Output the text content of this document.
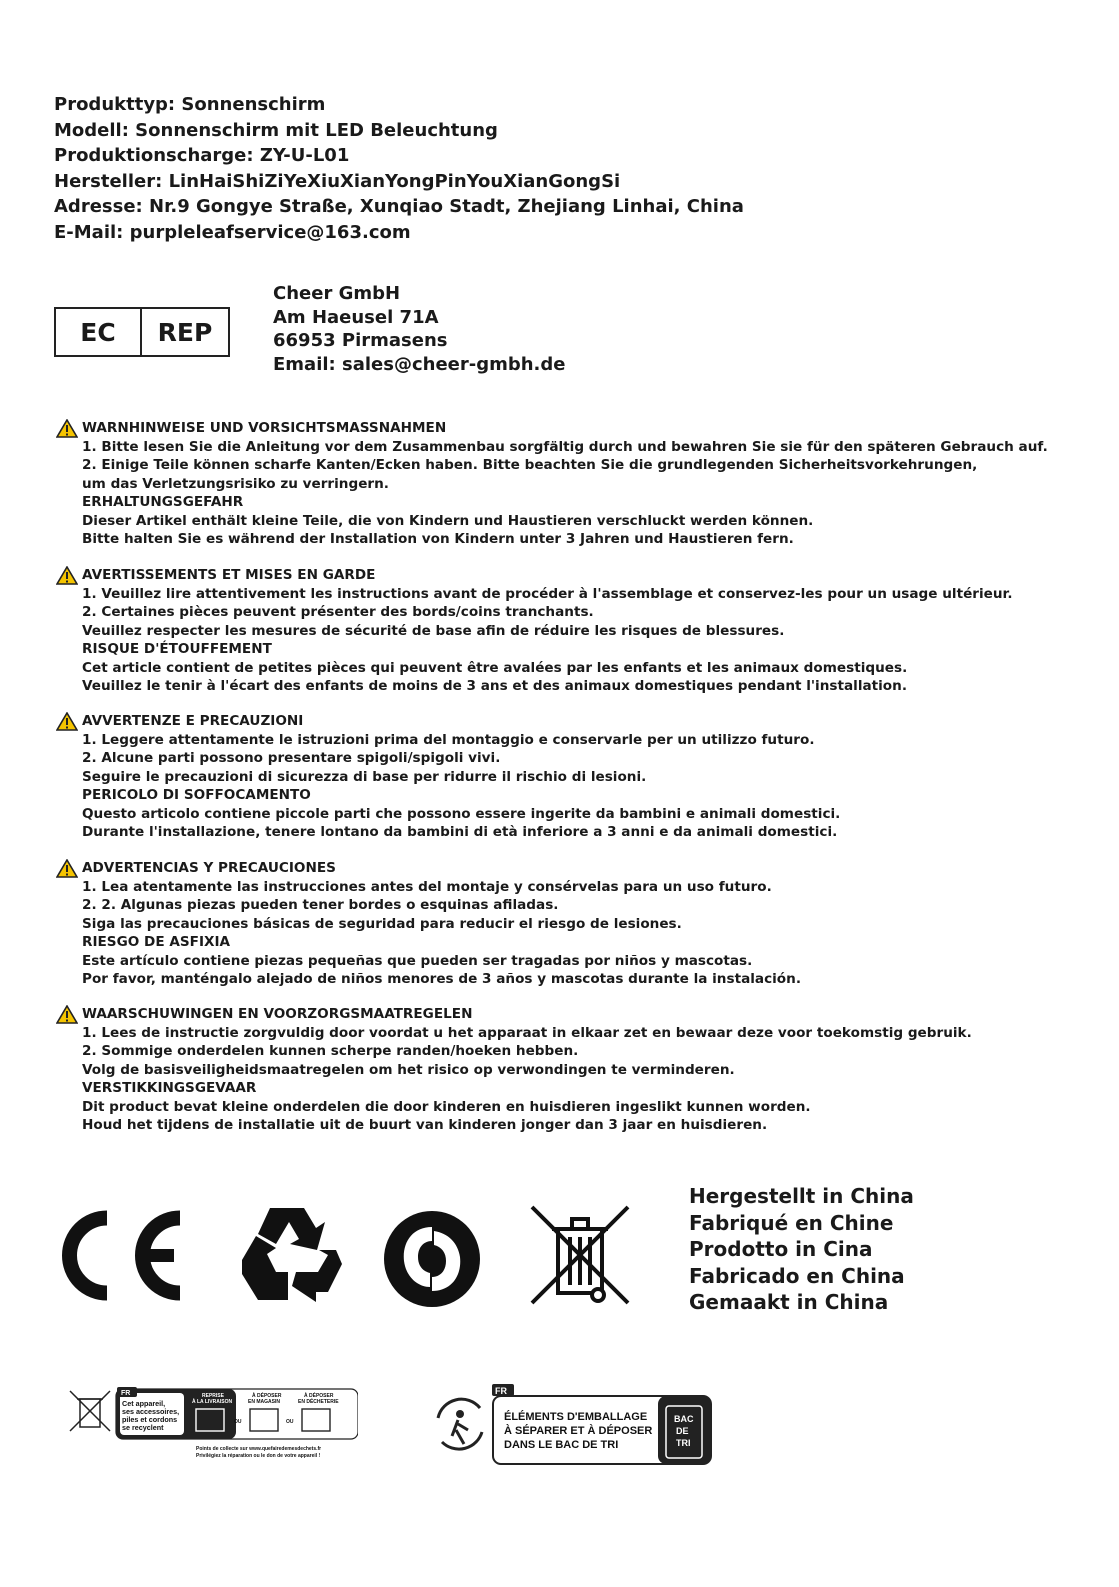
Produkttyp: Sonnenschirm
Modell: Sonnenschirm mit LED Beleuchtung
Produktionscharge: ZY-U-L01
Hersteller: LinHaiShiZiYeXiuXianYongPinYouXianGongSi
Adresse: Nr.9 Gongye Straße, Xunqiao Stadt, Zhejiang Linhai, China
E-Mail: purpleleafservice@163.com
EC	REP
Cheer GmbH
Am Haeusel 71A
66953 Pirmasens
Email: sales@cheer-gmbh.de
WARNHINWEISE UND VORSICHTSMASSNAHMEN
1. Bitte lesen Sie die Anleitung vor dem Zusammenbau sorgfältig durch und bewahren Sie sie für den späteren Gebrauch auf.
2. Einige Teile können scharfe Kanten/Ecken haben. Bitte beachten Sie die grundlegenden Sicherheitsvorkehrungen,
um das Verletzungsrisiko zu verringern.
ERHALTUNGSGEFAHR
Dieser Artikel enthält kleine Teile, die von Kindern und Haustieren verschluckt werden können.
Bitte halten Sie es während der Installation von Kindern unter 3 Jahren und Haustieren fern.
AVERTISSEMENTS ET MISES EN GARDE
1. Veuillez lire attentivement les instructions avant de procéder à l'assemblage et conservez-les pour un usage ultérieur.
2. Certaines pièces peuvent présenter des bords/coins tranchants.
Veuillez respecter les mesures de sécurité de base afin de réduire les risques de blessures.
RISQUE D'ÉTOUFFEMENT
Cet article contient de petites pièces qui peuvent être avalées par les enfants et les animaux domestiques.
Veuillez le tenir à l'écart des enfants de moins de 3 ans et des animaux domestiques pendant l'installation.
AVVERTENZE E PRECAUZIONI
1. Leggere attentamente le istruzioni prima del montaggio e conservarle per un utilizzo futuro.
2. Alcune parti possono presentare spigoli/spigoli vivi.
Seguire le precauzioni di sicurezza di base per ridurre il rischio di lesioni.
PERICOLO DI SOFFOCAMENTO
Questo articolo contiene piccole parti che possono essere ingerite da bambini e animali domestici.
Durante l'installazione, tenere lontano da bambini di età inferiore a 3 anni e da animali domestici.
ADVERTENCIAS Y PRECAUCIONES
1. Lea atentamente las instrucciones antes del montaje y consérvelas para un uso futuro.
2. 2. Algunas piezas pueden tener bordes o esquinas afiladas.
Siga las precauciones básicas de seguridad para reducir el riesgo de lesiones.
RIESGO DE ASFIXIA
Este artículo contiene piezas pequeñas que pueden ser tragadas por niños y mascotas.
Por favor, manténgalo alejado de niños menores de 3 años y mascotas durante la instalación.
WAARSCHUWINGEN EN VOORZORGSMAATREGELEN
1. Lees de instructie zorgvuldig door voordat u het apparaat in elkaar zet en bewaar deze voor toekomstig gebruik.
2. Sommige onderdelen kunnen scherpe randen/hoeken hebben.
Volg de basisveiligheidsmaatregelen om het risico op verwondingen te verminderen.
VERSTIKKINGSGEVAAR
Dit product bevat kleine onderdelen die door kinderen en huisdieren ingeslikt kunnen worden.
Houd het tijdens de installatie uit de buurt van kinderen jonger dan 3 jaar en huisdieren.
Hergestellt in China
Fabriqué en Chine
Prodotto in Cina
Fabricado en China
Gemaakt in China
FR
Cet appareil,
ses accessoires,
piles et cordons
se recyclent
REPRISE
À LA LIVRAISON
À DÉPOSER
EN MAGASIN
À DÉPOSER
EN DÉCHETERIE
OU	OU
Points de collecte sur www.quefairedemesdechets.fr
Privilégiez la réparation ou le don de votre appareil !
FR
ÉLÉMENTS D'EMBALLAGE
À SÉPARER ET À DÉPOSER
DANS LE BAC DE TRI
BAC
DE
TRI
